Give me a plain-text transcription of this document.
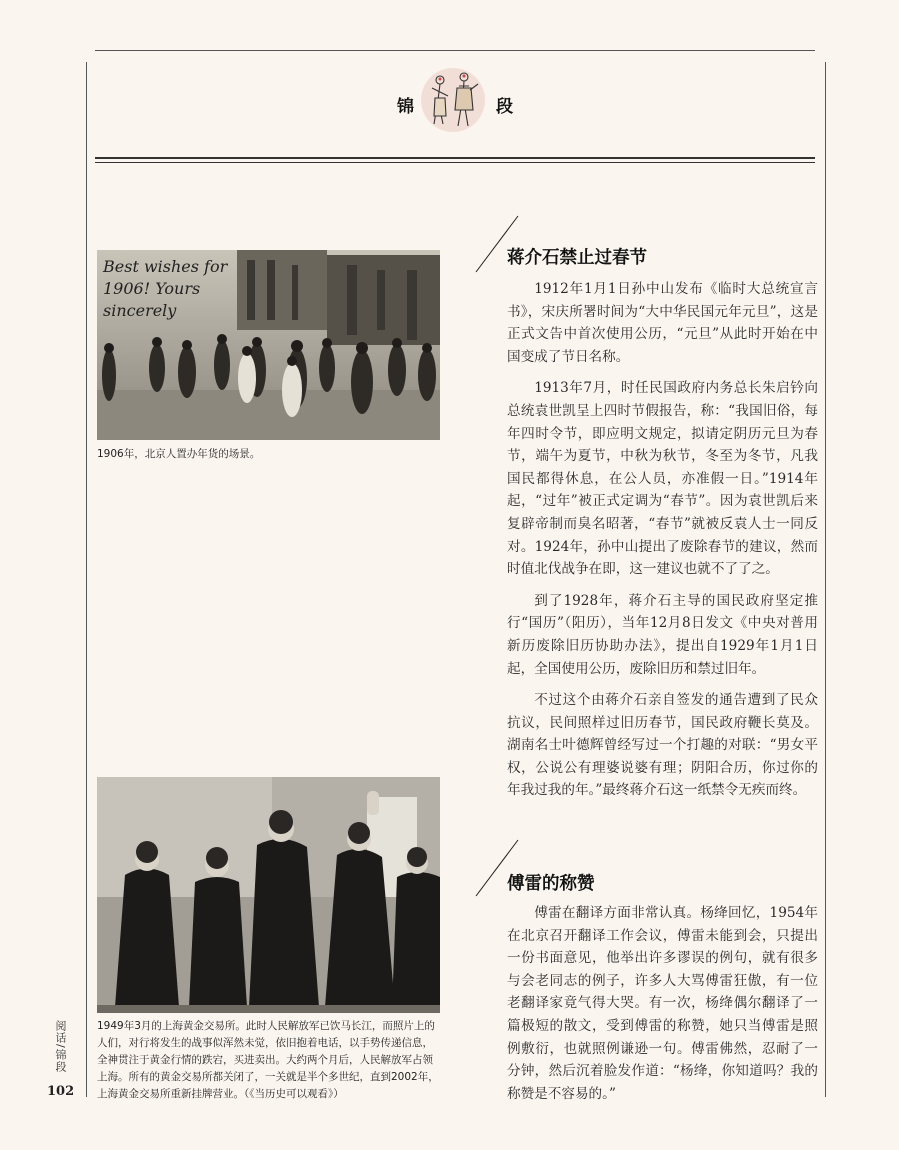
锦	段
Best wishes for 1906! Yours sincerely
1906年，北京人置办年货的场景。
1949年3月的上海黄金交易所。此时人民解放军已饮马长江，而照片上的人们，对行将发生的战事似浑然未觉，依旧抱着电话，以手势传递信息，全神贯注于黄金行情的跌宕，买进卖出。大约两个月后，人民解放军占领上海。所有的黄金交易所都关闭了，一关就是半个多世纪，直到2002年，上海黄金交易所重新挂牌营业。（《当历史可以观看》）
蒋介石禁止过春节

1912年1月1日孙中山发布《临时大总统宣言书》，宋庆所署时间为“大中华民国元年元旦”，这是正式文告中首次使用公历，“元旦”从此时开始在中国变成了节日名称。

1913年7月，时任民国政府内务总长朱启钤向总统袁世凯呈上四时节假报告，称：“我国旧俗，每年四时令节，即应明文规定，拟请定阴历元旦为春节，端午为夏节，中秋为秋节，冬至为冬节，凡我国民都得休息，在公人员，亦准假一日。”1914年起，“过年”被正式定调为“春节”。因为袁世凯后来复辟帝制而臭名昭著，“春节”就被反袁人士一同反对。1924年，孙中山提出了废除春节的建议，然而时值北伐战争在即，这一建议也就不了了之。

到了1928年，蒋介石主导的国民政府坚定推行“国历”（阳历），当年12月8日发文《中央对普用新历废除旧历协助办法》，提出自1929年1月1日起，全国使用公历，废除旧历和禁过旧年。

不过这个由蒋介石亲自签发的通告遭到了民众抗议，民间照样过旧历春节，国民政府鞭长莫及。湖南名士叶德辉曾经写过一个打趣的对联：“男女平权，公说公有理婆说婆有理；阴阳合历，你过你的年我过我的年。”最终蒋介石这一纸禁令无疾而终。

傅雷的称赞

傅雷在翻译方面非常认真。杨绛回忆，1954年在北京召开翻译工作会议，傅雷未能到会，只提出一份书面意见，他举出许多谬误的例句，就有很多与会老同志的例子，许多人大骂傅雷狂傲，有一位老翻译家竟气得大哭。有一次，杨绛偶尔翻译了一篇极短的散文，受到傅雷的称赞，她只当傅雷是照例敷衍，也就照例谦逊一句。傅雷佛然，忍耐了一分钟，然后沉着脸发作道：“杨绛，你知道吗？我的称赞是不容易的。”

阅话/锦段
102
